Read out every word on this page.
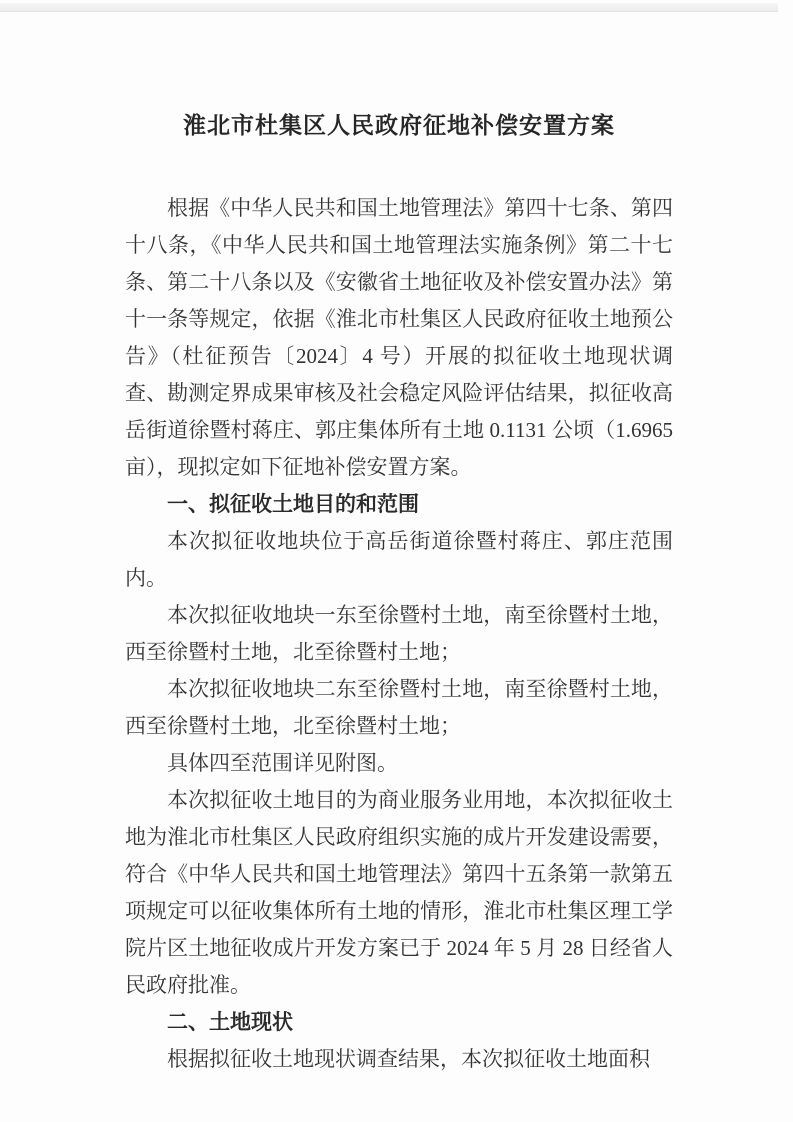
淮北市杜集区人民政府征地补偿安置方案

根据《中华人民共和国土地管理法》第四十七条、第四十八条，《中华人民共和国土地管理法实施条例》第二十七条、第二十八条以及《安徽省土地征收及补偿安置办法》第十一条等规定，依据《淮北市杜集区人民政府征收土地预公告》（杜征预告〔2024〕4 号）开展的拟征收土地现状调查、勘测定界成果审核及社会稳定风险评估结果，拟征收高岳街道徐暨村蒋庄、郭庄集体所有土地 0.1131 公顷（1.6965 亩），现拟定如下征地补偿安置方案。

一、拟征收土地目的和范围

本次拟征收地块位于高岳街道徐暨村蒋庄、郭庄范围内。

本次拟征收地块一东至徐暨村土地，南至徐暨村土地，西至徐暨村土地，北至徐暨村土地；

本次拟征收地块二东至徐暨村土地，南至徐暨村土地，西至徐暨村土地，北至徐暨村土地；

具体四至范围详见附图。

本次拟征收土地目的为商业服务业用地，本次拟征收土地为淮北市杜集区人民政府组织实施的成片开发建设需要，符合《中华人民共和国土地管理法》第四十五条第一款第五项规定可以征收集体所有土地的情形，淮北市杜集区理工学院片区土地征收成片开发方案已于 2024 年 5 月 28 日经省人民政府批准。

二、土地现状

根据拟征收土地现状调查结果，本次拟征收土地面积
